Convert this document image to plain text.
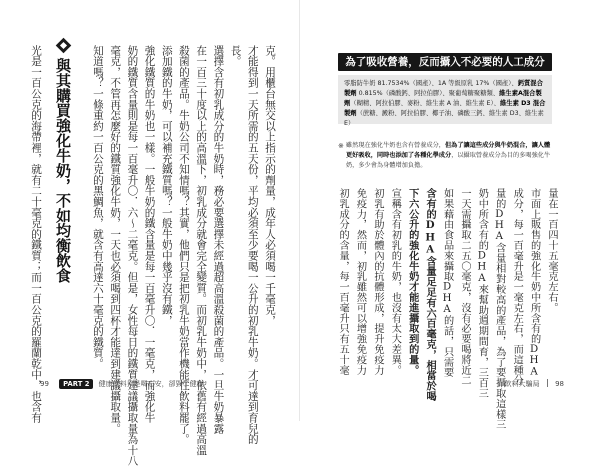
克。用櫃台無交以上指示的劑量，成年人必須喝一千毫克，
才能得到一天所需的五天份，平均必須至少要喝一公升的初乳牛奶。才可達到育兒的
長。
選擇含有初乳成分的牛奶時，務必要選擇未經過超高溫殺菌的產品。一旦牛奶暴露
在一百三十度以上的高溫下，初乳成分就會完全變質。而初乳牛奶中，依舊有經過高溫
殺菌的產品。牛奶公司不知情嗎？其實，他們只是把初乳牛奶當作機能性飲料罷了。
添加鐵的牛奶，可以補充鐵質嗎？一般牛奶中幾乎沒有鐵，
強化鐵質的牛奶也一樣。一般牛奶的鐵含量是每一百毫升〇．一毫克，而強化牛
奶的鐵質含量則是每一百毫升〇．六～二毫克。但是，女性每日的鐵質建議攝取量為十八
毫克，不管再怎麼好的鐵質強化牛奶，一天也必須喝到四杯才能達到建議攝取量。
知道嗎？一條重約一百公克的黑鯛魚，就含有高達六十毫克的鐵質。
與其購買強化牛奶，不如均衡飲食
光是一百公克的海帶裡，就有二十毫克的鐵質；而一百公克的羅蘭乾中，也含有
99 PART 2 健康飲料只是喝心安，卻毀了健康
量在一百四十五毫克左右。
市面上販售的強化牛奶中所含有的DHA
成分，每一百毫升是一毫克左右，而這種分
量的DHA含量相對較高的產品，為了要攝取這樣三
奶中所含有的DHA來幫助週期間育，三百三
一天需攝取二五〇毫克，沒有必要喝將近二
如果藉由食品來攝取DHA的話，只需要
含有的DHA含量足足有六百毫克，相當於喝
下六公升的強化牛奶才能進攝取到的量。
宣稱含有初乳的牛奶，也沒有太大差異。
初乳有助於體內的抗體形成，提升免疫力
免疫力，然而，初乳雖然可以增強免疫力
初乳成分的含量，每一百毫升只有五十毫
飲料大騙局 98
為了吸收營養，反而攝入不必要的人工成分
零脂防牛奶 81.7534%（國產）、1A 等級原乳 17%（國產）、鈣質混合製劑 0.815%（磷酸鈣、阿拉伯膠）、聚葡萄糖聚糖類、維生素A混合製劑（糊精、阿拉伯膠、麥粉、維生素 A 油、維生素 E）、維生素 D3 混合製劑（蔗糖、澱粉、阿拉伯膠、椰子油、磷酸三鈣、維生素 D3、維生素 E）
※ 雖然現在強化牛奶也含有營養成分，但為了讓這些成分與牛奶混合，讓人體更好吸收，同時也添加了各種化學成分，以攝取營養成分為目的多喝強化牛奶，多少會為身體增加負擔。
